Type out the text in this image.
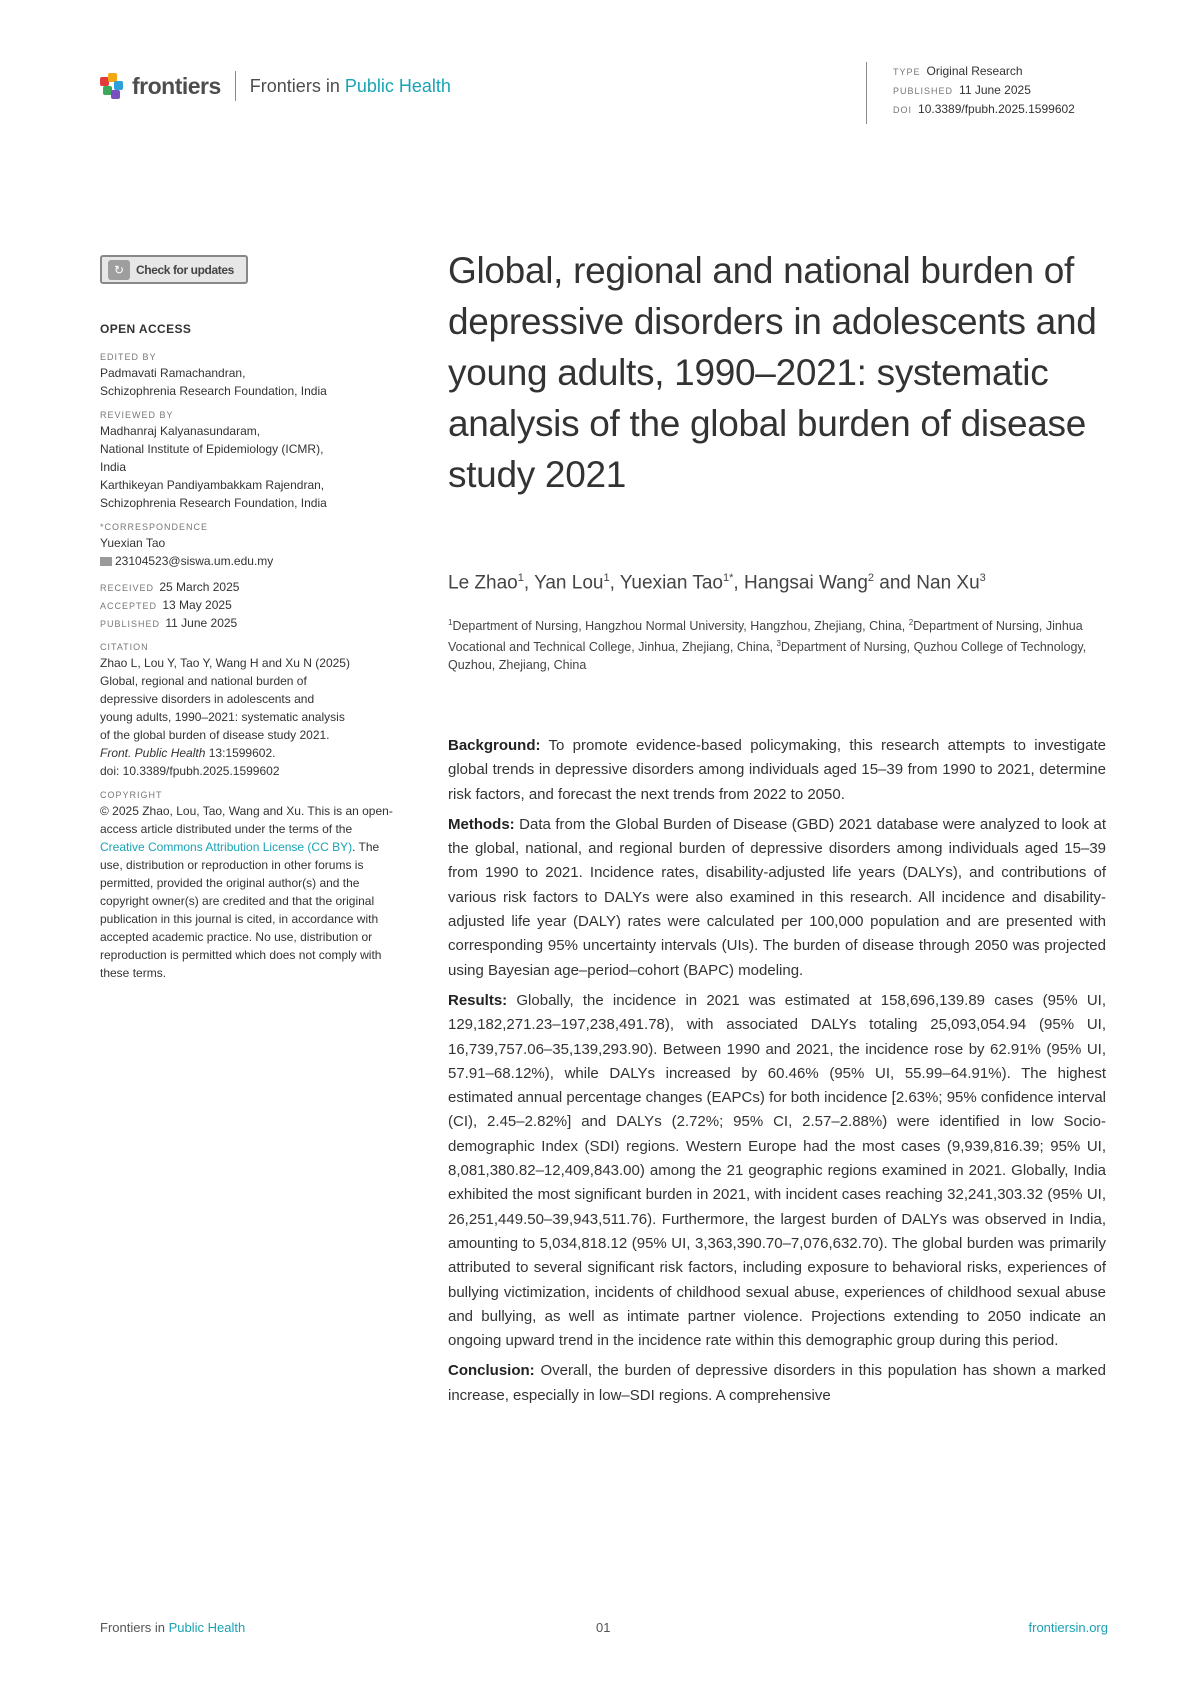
frontiers Frontiers in Public Health
TYPE Original Research
PUBLISHED 11 June 2025
DOI 10.3389/fpubh.2025.1599602
↻ Check for updates
OPEN ACCESS
EDITED BY
Padmavati Ramachandran,
Schizophrenia Research Foundation, India
REVIEWED BY
Madhanraj Kalyanasundaram,
National Institute of Epidemiology (ICMR),
India
Karthikeyan Pandiyambakkam Rajendran,
Schizophrenia Research Foundation, India
*CORRESPONDENCE
Yuexian Tao
23104523@siswa.um.edu.my
RECEIVED 25 March 2025
ACCEPTED 13 May 2025
PUBLISHED 11 June 2025
CITATION
Zhao L, Lou Y, Tao Y, Wang H and Xu N (2025)
Global, regional and national burden of
depressive disorders in adolescents and
young adults, 1990–2021: systematic analysis
of the global burden of disease study 2021.
Front. Public Health 13:1599602.
doi: 10.3389/fpubh.2025.1599602
COPYRIGHT
© 2025 Zhao, Lou, Tao, Wang and Xu. This is an open-access article distributed under the terms of the Creative Commons Attribution License (CC BY). The use, distribution or reproduction in other forums is permitted, provided the original author(s) and the copyright owner(s) are credited and that the original publication in this journal is cited, in accordance with accepted academic practice. No use, distribution or reproduction is permitted which does not comply with these terms.
Global, regional and national burden of depressive disorders in adolescents and young adults, 1990–2021: systematic analysis of the global burden of disease study 2021
Le Zhao$^1$, Yan Lou$^1$, Yuexian Tao$^{1*}$, Hangsai Wang$^2$ and Nan Xu$^3$
$^1$Department of Nursing, Hangzhou Normal University, Hangzhou, Zhejiang, China, $^2$Department of Nursing, Jinhua Vocational and Technical College, Jinhua, Zhejiang, China, $^3$Department of Nursing, Quzhou College of Technology, Quzhou, Zhejiang, China

Background: To promote evidence-based policymaking, this research attempts to investigate global trends in depressive disorders among individuals aged 15–39 from 1990 to 2021, determine risk factors, and forecast the next trends from 2022 to 2050.

Methods: Data from the Global Burden of Disease (GBD) 2021 database were analyzed to look at the global, national, and regional burden of depressive disorders among individuals aged 15–39 from 1990 to 2021. Incidence rates, disability-adjusted life years (DALYs), and contributions of various risk factors to DALYs were also examined in this research. All incidence and disability-adjusted life year (DALY) rates were calculated per 100,000 population and are presented with corresponding 95% uncertainty intervals (UIs). The burden of disease through 2050 was projected using Bayesian age–period–cohort (BAPC) modeling.

Results: Globally, the incidence in 2021 was estimated at 158,696,139.89 cases (95% UI, 129,182,271.23–197,238,491.78), with associated DALYs totaling 25,093,054.94 (95% UI, 16,739,757.06–35,139,293.90). Between 1990 and 2021, the incidence rose by 62.91% (95% UI, 57.91–68.12%), while DALYs increased by 60.46% (95% UI, 55.99–64.91%). The highest estimated annual percentage changes (EAPCs) for both incidence [2.63%; 95% confidence interval (CI), 2.45–2.82%] and DALYs (2.72%; 95% CI, 2.57–2.88%) were identified in low Socio-demographic Index (SDI) regions. Western Europe had the most cases (9,939,816.39; 95% UI, 8,081,380.82–12,409,843.00) among the 21 geographic regions examined in 2021. Globally, India exhibited the most significant burden in 2021, with incident cases reaching 32,241,303.32 (95% UI, 26,251,449.50–39,943,511.76). Furthermore, the largest burden of DALYs was observed in India, amounting to 5,034,818.12 (95% UI, 3,363,390.70–7,076,632.70). The global burden was primarily attributed to several significant risk factors, including exposure to behavioral risks, experiences of bullying victimization, incidents of childhood sexual abuse, experiences of childhood sexual abuse and bullying, as well as intimate partner violence. Projections extending to 2050 indicate an ongoing upward trend in the incidence rate within this demographic group during this period.

Conclusion: Overall, the burden of depressive disorders in this population has shown a marked increase, especially in low–SDI regions. A comprehensive

Frontiers in Public Health	01	frontiersin.org
